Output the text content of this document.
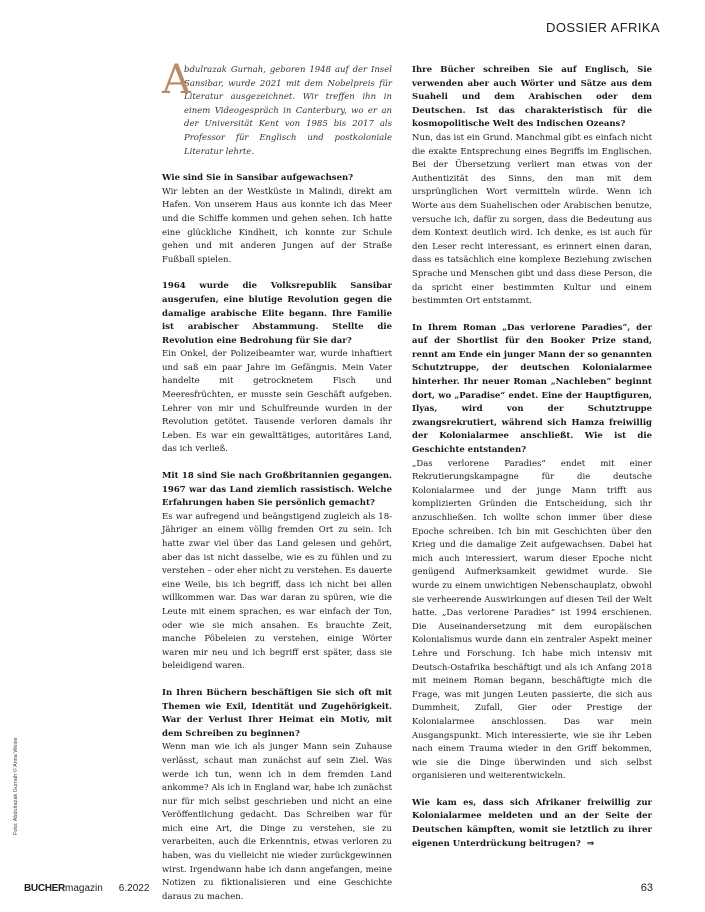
DOSSIER AFRIKA
A

bdulrazak Gurnah, geboren 1948 auf der Insel Sansibar, wurde 2021 mit dem Nobelpreis für Literatur ausgezeichnet. Wir treffen ihn in einem Videogespräch in Canterbury, wo er an der Universität Kent von 1985 bis 2017 als Professor für Englisch und postkoloniale Literatur lehrte.

Wie sind Sie in Sansibar aufgewachsen?

Wir lebten an der Westküste in Malindi, direkt am Hafen. Von unserem Haus aus konnte ich das Meer und die Schiffe kommen und gehen sehen. Ich hatte eine glückliche Kindheit, ich konnte zur Schule gehen und mit anderen Jungen auf der Straße Fußball spielen.

1964 wurde die Volksrepublik Sansibar ausgerufen, eine blutige Revolution gegen die damalige arabische Elite begann. Ihre Familie ist arabischer Abstammung. Stellte die Revolution eine Bedrohung für Sie dar?

Ein Onkel, der Polizeibeamter war, wurde inhaftiert und saß ein paar Jahre im Gefängnis. Mein Vater handelte mit getrocknetem Fisch und Meeresfrüchten, er musste sein Geschäft aufgeben. Lehrer von mir und Schulfreunde wurden in der Revolution getötet. Tausende verloren damals ihr Leben. Es war ein gewalttätiges, autoritäres Land, das ich verließ.

Mit 18 sind Sie nach Großbritannien gegangen. 1967 war das Land ziemlich rassistisch. Welche Erfahrungen haben Sie persönlich gemacht?

Es war aufregend und beängstigend zugleich als 18-Jähriger an einem völlig fremden Ort zu sein. Ich hatte zwar viel über das Land gelesen und gehört, aber das ist nicht dasselbe, wie es zu fühlen und zu verstehen – oder eher nicht zu verstehen. Es dauerte eine Weile, bis ich begriff, dass ich nicht bei allen willkommen war. Das war daran zu spüren, wie die Leute mit einem sprachen, es war einfach der Ton, oder wie sie mich ansahen. Es brauchte Zeit, manche Pöbeleien zu verstehen, einige Wörter waren mir neu und ich begriff erst später, dass sie beleidigend waren.

In Ihren Büchern beschäftigen Sie sich oft mit Themen wie Exil, Identität und Zugehörigkeit. War der Verlust Ihrer Heimat ein Motiv, mit dem Schreiben zu beginnen?

Wenn man wie ich als junger Mann sein Zuhause verlässt, schaut man zunächst auf sein Ziel. Was werde ich tun, wenn ich in dem fremden Land ankomme? Als ich in England war, habe ich zunächst nur für mich selbst geschrieben und nicht an eine Veröffentlichung gedacht. Das Schreiben war für mich eine Art, die Dinge zu verstehen, sie zu verarbeiten, auch die Erkenntnis, etwas verloren zu haben, was du vielleicht nie wieder zurückgewinnen wirst. Irgendwann habe ich dann angefangen, meine Notizen zu fiktionalisieren und eine Geschichte daraus zu machen.

Ihre Bücher schreiben Sie auf Englisch, Sie verwenden aber auch Wörter und Sätze aus dem Suaheli und dem Arabischen oder dem Deutschen. Ist das charakteristisch für die kosmopolitische Welt des Indischen Ozeans?

Nun, das ist ein Grund. Manchmal gibt es einfach nicht die exakte Entsprechung eines Begriffs im Englischen. Bei der Übersetzung verliert man etwas von der Authentizität des Sinns, den man mit dem ursprünglichen Wort vermitteln würde. Wenn ich Worte aus dem Suahelischen oder Arabischen benutze, versuche ich, dafür zu sorgen, dass die Bedeutung aus dem Kontext deutlich wird. Ich denke, es ist auch für den Leser recht interessant, es erinnert einen daran, dass es tatsächlich eine komplexe Beziehung zwischen Sprache und Menschen gibt und dass diese Person, die da spricht einer bestimmten Kultur und einem bestimmten Ort entstammt.

In Ihrem Roman „Das verlorene Paradies“, der auf der Shortlist für den Booker Prize stand, rennt am Ende ein junger Mann der so genannten Schutztruppe, der deutschen Kolonialarmee hinterher. Ihr neuer Roman „Nachleben“ beginnt dort, wo „Paradise“ endet. Eine der Hauptfiguren, Ilyas, wird von der Schutztruppe zwangsrekrutiert, während sich Hamza freiwillig der Kolonialarmee anschließt. Wie ist die Geschichte entstanden?

„Das verlorene Paradies“ endet mit einer Rekrutierungskampagne für die deutsche Kolonialarmee und der junge Mann trifft aus komplizierten Gründen die Entscheidung, sich ihr anzuschließen. Ich wollte schon immer über diese Epoche schreiben. Ich bin mit Geschichten über den Krieg und die damalige Zeit aufgewachsen. Dabei hat mich auch interessiert, warum dieser Epoche nicht genügend Aufmerksamkeit gewidmet wurde. Sie wurde zu einem unwichtigen Nebenschauplatz, obwohl sie verheerende Auswirkungen auf diesen Teil der Welt hatte. „Das verlorene Paradies“ ist 1994 erschienen. Die Auseinandersetzung mit dem europäischen Kolonialismus wurde dann ein zentraler Aspekt meiner Lehre und Forschung. Ich habe mich intensiv mit Deutsch-Ostafrika beschäftigt und als ich Anfang 2018 mit meinem Roman begann, beschäftigte mich die Frage, was mit jungen Leuten passierte, die sich aus Dummheit, Zufall, Gier oder Prestige der Kolonialarmee anschlossen. Das war mein Ausgangspunkt. Mich interessierte, wie sie ihr Leben nach einem Trauma wieder in den Griff bekommen, wie sie die Dinge überwinden und sich selbst organisieren und weiterentwickeln.

Wie kam es, dass sich Afrikaner freiwillig zur Kolonialarmee meldeten und an der Seite der Deutschen kämpften, womit sie letztlich zu ihrer eigenen Unterdrückung beitrugen? ⇒

Foto: Abdulrazak Gurnah © Anna Weise
BUCHER magazin 6.2022	63
